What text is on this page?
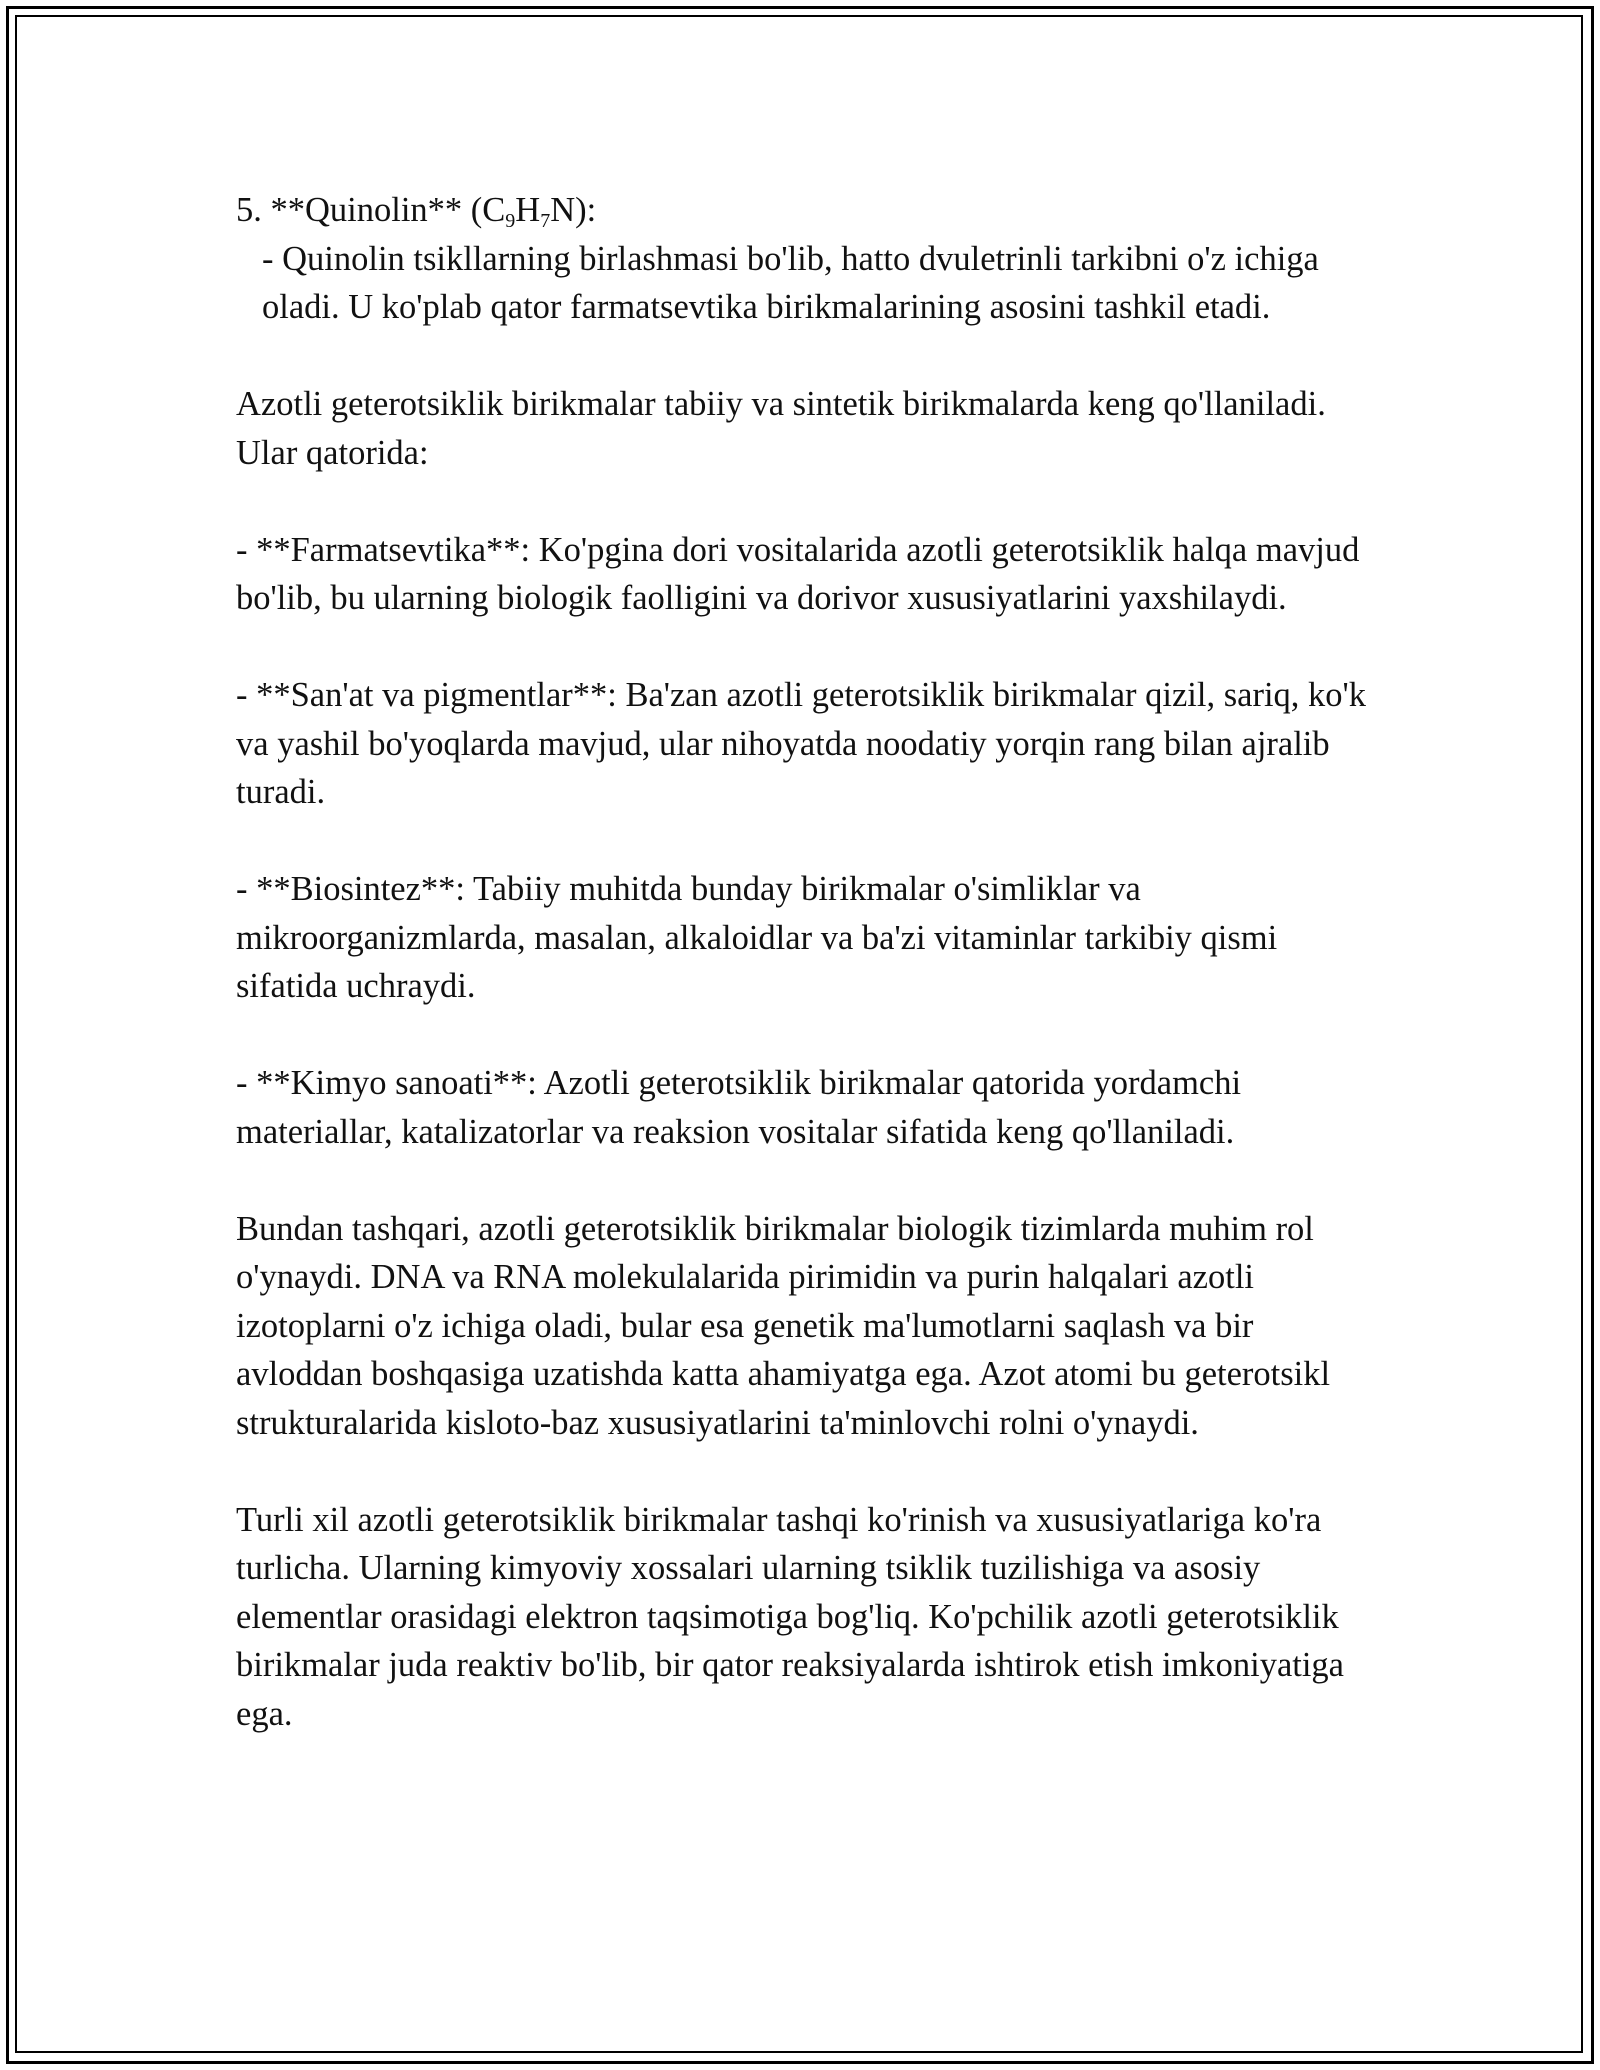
5. **Quinolin** $(C_9H_7N)$:

- Quinolin tsikllarning birlashmasi bo'lib, hatto dvuletrinli tarkibni o'z ichiga oladi. U ko'plab qator farmatsevtika birikmalarining asosini tashkil etadi.

Azotli geterotsiklik birikmalar tabiiy va sintetik birikmalarda keng qo'llaniladi. Ular qatorida:

- **Farmatsevtika**: Ko'pgina dori vositalarida azotli geterotsiklik halqa mavjud bo'lib, bu ularning biologik faolligini va dorivor xususiyatlarini yaxshilaydi.

- **San'at va pigmentlar**: Ba'zan azotli geterotsiklik birikmalar qizil, sariq, ko'k va yashil bo'yoqlarda mavjud, ular nihoyatda noodatiy yorqin rang bilan ajralib turadi.

- **Biosintez**: Tabiiy muhitda bunday birikmalar o'simliklar va mikroorganizmlarda, masalan, alkaloidlar va ba'zi vitaminlar tarkibiy qismi sifatida uchraydi.

- **Kimyo sanoati**: Azotli geterotsiklik birikmalar qatorida yordamchi materiallar, katalizatorlar va reaksion vositalar sifatida keng qo'llaniladi.

Bundan tashqari, azotli geterotsiklik birikmalar biologik tizimlarda muhim rol o'ynaydi. DNA va RNA molekulalarida pirimidin va purin halqalari azotli izotoplarni o'z ichiga oladi, bular esa genetik ma'lumotlarni saqlash va bir avloddan boshqasiga uzatishda katta ahamiyatga ega. Azot atomi bu geterotsikl strukturalarida kisloto-baz xususiyatlarini ta'minlovchi rolni o'ynaydi.

Turli xil azotli geterotsiklik birikmalar tashqi ko'rinish va xususiyatlariga ko'ra turlicha. Ularning kimyoviy xossalari ularning tsiklik tuzilishiga va asosiy elementlar orasidagi elektron taqsimotiga bog'liq. Ko'pchilik azotli geterotsiklik birikmalar juda reaktiv bo'lib, bir qator reaksiyalarda ishtirok etish imkoniyatiga ega.
